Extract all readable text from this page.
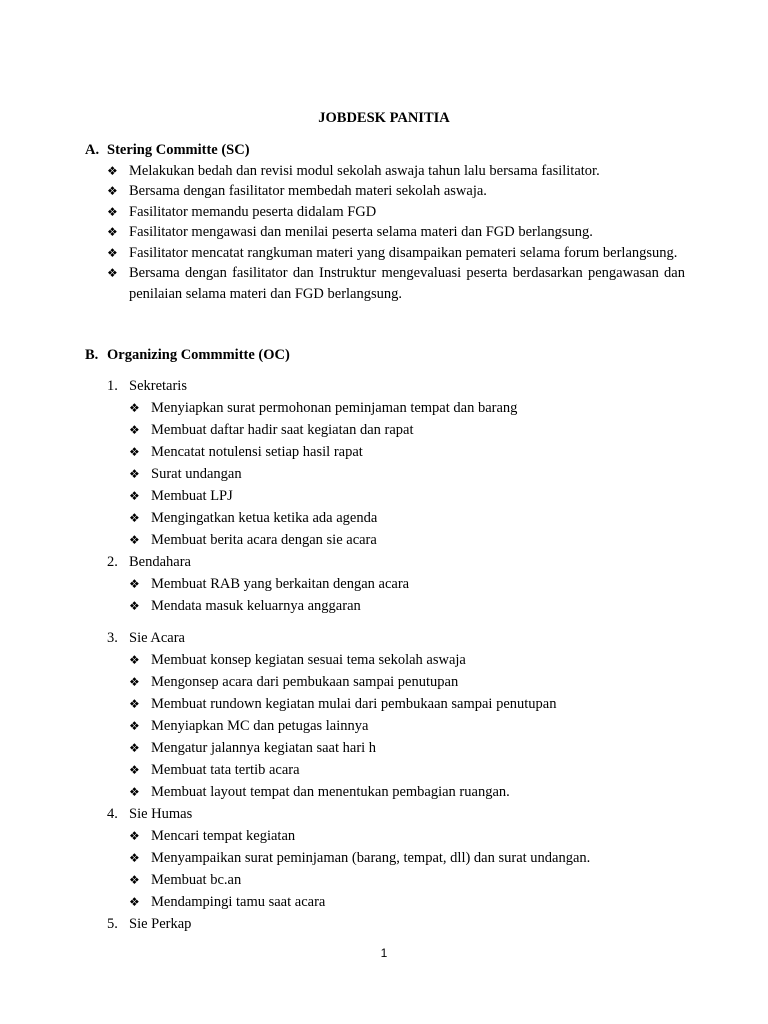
JOBDESK PANITIA
A. Stering Committe (SC)
❖ Melakukan bedah dan revisi modul sekolah aswaja tahun lalu bersama fasilitator.
❖ Bersama dengan fasilitator membedah materi sekolah aswaja.
❖ Fasilitator memandu peserta didalam FGD
❖ Fasilitator mengawasi dan menilai peserta selama materi dan FGD berlangsung.
❖ Fasilitator mencatat rangkuman materi yang disampaikan pemateri selama forum berlangsung.
❖ Bersama dengan fasilitator dan Instruktur mengevaluasi peserta berdasarkan pengawasan dan penilaian selama materi dan FGD berlangsung.
B. Organizing Commmitte (OC)
1. Sekretaris
❖ Menyiapkan surat permohonan peminjaman tempat dan barang
❖ Membuat daftar hadir saat kegiatan dan rapat
❖ Mencatat notulensi setiap hasil rapat
❖ Surat undangan
❖ Membuat LPJ
❖ Mengingatkan ketua ketika ada agenda
❖ Membuat berita acara dengan sie acara
2. Bendahara
❖ Membuat RAB yang berkaitan dengan acara
❖ Mendata masuk keluarnya anggaran
3. Sie Acara
❖ Membuat konsep kegiatan sesuai tema sekolah aswaja
❖ Mengonsep acara dari pembukaan sampai penutupan
❖ Membuat rundown kegiatan mulai dari pembukaan sampai penutupan
❖ Menyiapkan MC dan petugas lainnya
❖ Mengatur jalannya kegiatan saat hari h
❖ Membuat tata tertib acara
❖ Membuat layout tempat dan menentukan pembagian ruangan.
4. Sie Humas
❖ Mencari tempat kegiatan
❖ Menyampaikan surat peminjaman (barang, tempat, dll) dan surat undangan.
❖ Membuat bc.an
❖ Mendampingi tamu saat acara
5. Sie Perkap
1
